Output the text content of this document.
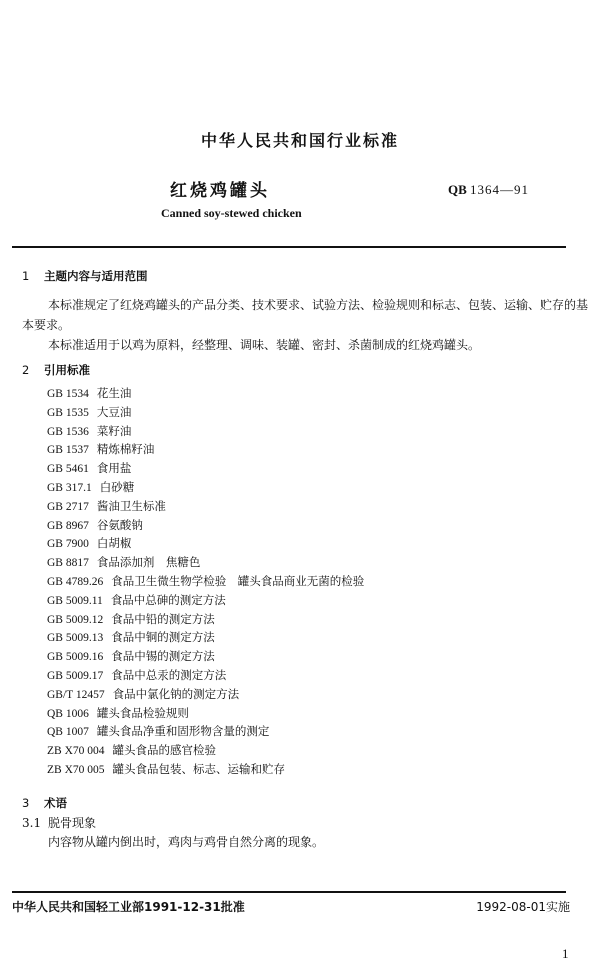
中华人民共和国行业标准
红烧鸡罐头	QB 1364—91
Canned soy-stewed chicken
1 主题内容与适用范围
本标准规定了红烧鸡罐头的产品分类、技术要求、试验方法、检验规则和标志、包装、运输、贮存的基
本要求。
本标准适用于以鸡为原料，经整理、调味、装罐、密封、杀菌制成的红烧鸡罐头。
2 引用标准
GB 1534 花生油
GB 1535 大豆油
GB 1536 菜籽油
GB 1537 精炼棉籽油
GB 5461 食用盐
GB 317.1 白砂糖
GB 2717 酱油卫生标准
GB 8967 谷氨酸钠
GB 7900 白胡椒
GB 8817 食品添加剂　焦糖色
GB 4789.26 食品卫生微生物学检验　罐头食品商业无菌的检验
GB 5009.11 食品中总砷的测定方法
GB 5009.12 食品中铅的测定方法
GB 5009.13 食品中铜的测定方法
GB 5009.16 食品中锡的测定方法
GB 5009.17 食品中总汞的测定方法
GB/T 12457 食品中氯化钠的测定方法
QB 1006 罐头食品检验规则
QB 1007 罐头食品净重和固形物含量的测定
ZB X70 004 罐头食品的感官检验
ZB X70 005 罐头食品包装、标志、运输和贮存
3 术语
3.1 脱骨现象
内容物从罐内倒出时，鸡肉与鸡骨自然分离的现象。
中华人民共和国轻工业部1991-12-31批准	1992-08-01实施
1
